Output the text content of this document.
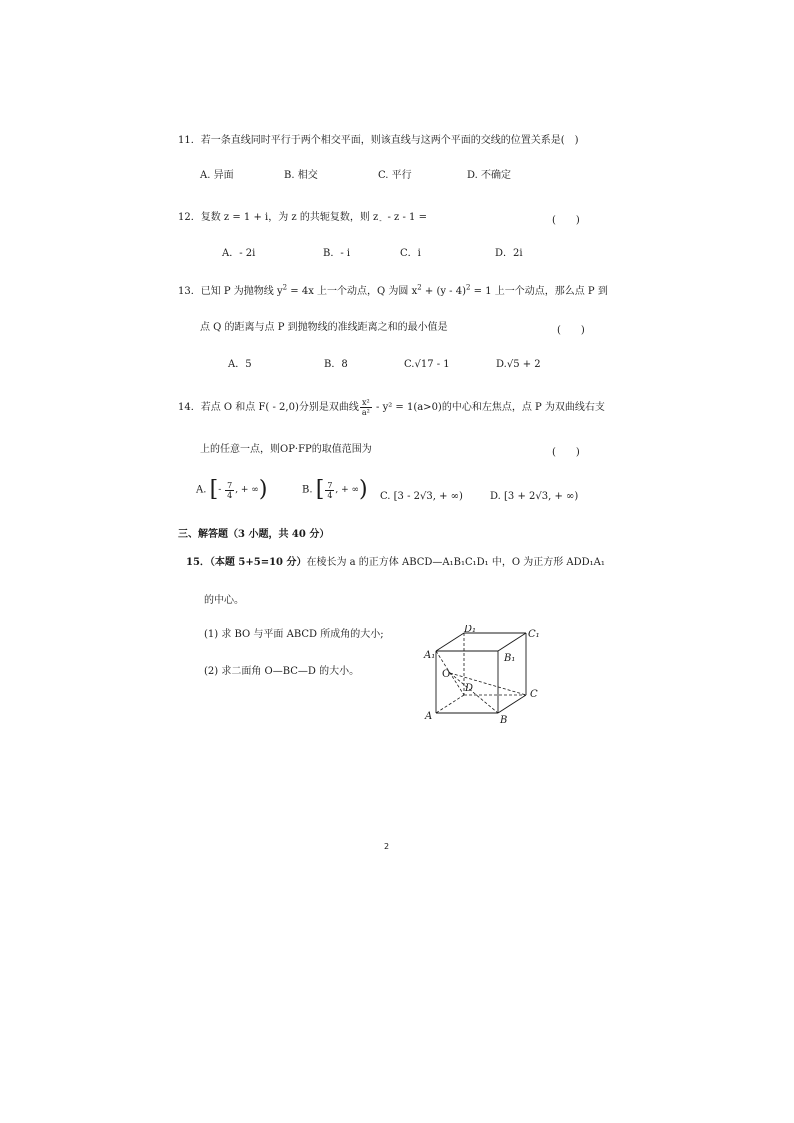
11．若一条直线同时平行于两个相交平面，则该直线与这两个平面的交线的位置关系是(　)
A. 异面	B. 相交	C. 平行	D. 不确定
12．复数 z = 1 + i，为 z 的共轭复数，则 z - - z - 1 =	(　　)
A．- 2i	B．- i	C．i	D．2i
13．已知 P 为抛物线 $y^2 = 4x$ 上一个动点，Q 为圆 $x^2 + (y - 4)^2 = 1$ 上一个动点，那么点 P 到
点 Q 的距离与点 P 到抛物线的准线距离之和的最小值是	(　　)
A．5	B．8	C.√17 - 1	D.√5 + 2
14．若点 O 和点 F( - 2,0)分别是双曲线 $\frac{\text{x²}}{\text{a²}} - y^2 = 1(a>0)$的中心和左焦点，点 P 为双曲线右支
上的任意一点，则OP·FP的取值范围为	(　　)
A. [- $\frac{7}{4}$ , + ∞)	B. [ $\frac{7}{4}$ , + ∞) C. [3 - 2√3, + ∞)	D. [3 + 2√3, + ∞)
三、解答题（3 小题，共 40 分）
15．（本题 5+5=10 分）在棱长为 a 的正方体 ABCD—A₁B₁C₁D₁ 中，O 为正方形 ADD₁A₁
的中心。
(1) 求 BO 与平面 ABCD 所成角的大小;
(2) 求二面角 O—BC—D 的大小。
D₁	C₁
A₁	B₁
O
D
C
A	B
2
